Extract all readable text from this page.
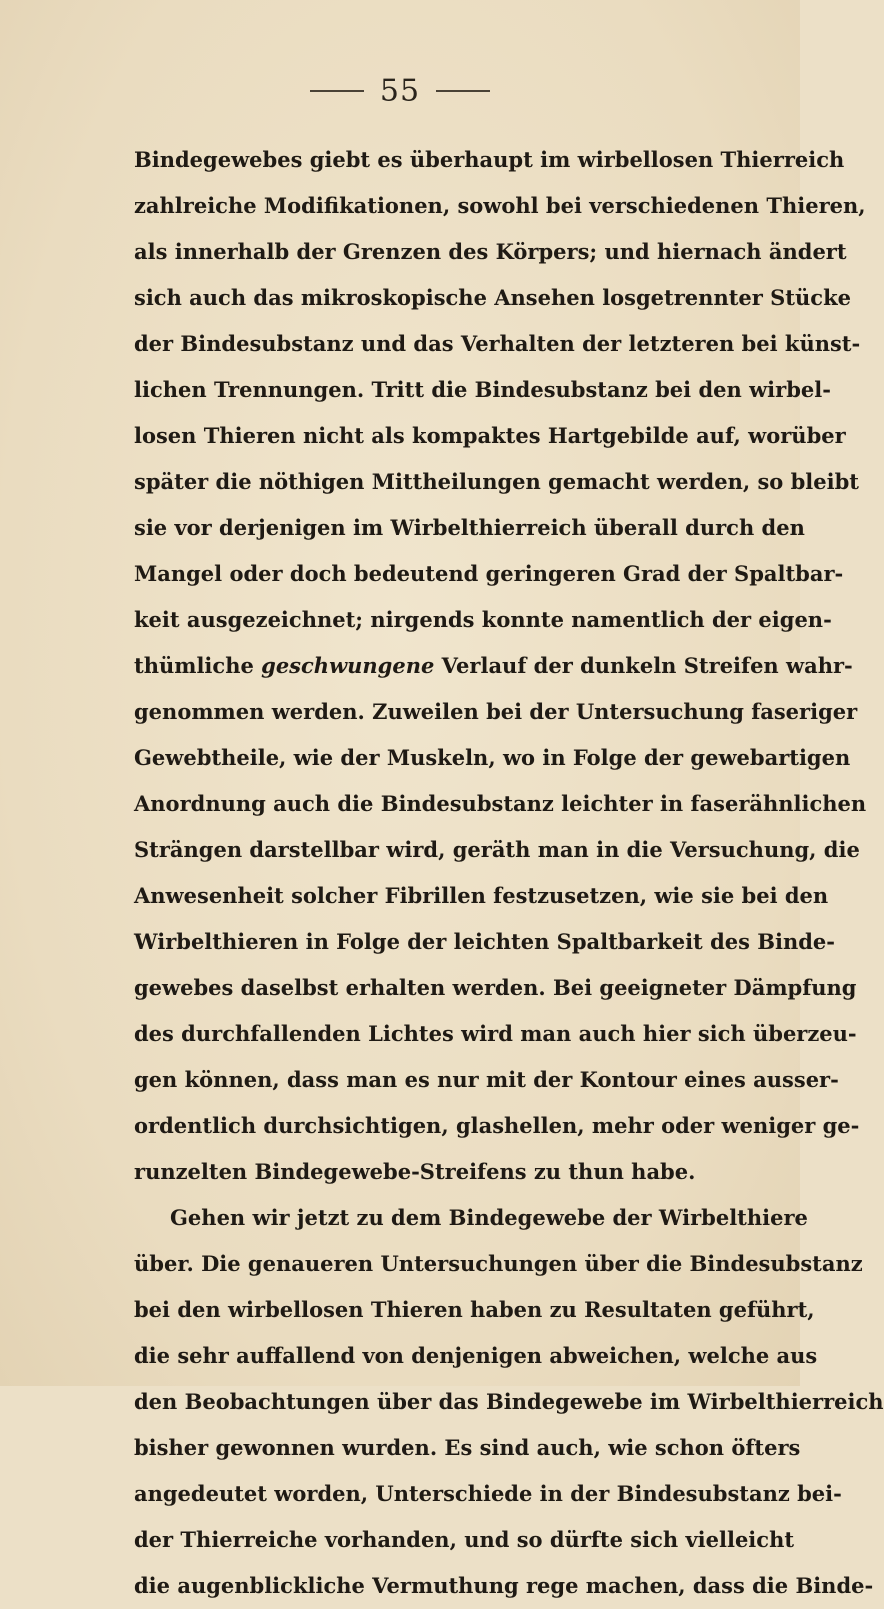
55
Bindegewebes giebt es überhaupt im wirbellosen Thierreich
zahlreiche Modifikationen, sowohl bei verschiedenen Thieren,
als innerhalb der Grenzen des Körpers; und hiernach ändert
sich auch das mikroskopische Ansehen losgetrennter Stücke
der Bindesubstanz und das Verhalten der letzteren bei künst-
lichen Trennungen. Tritt die Bindesubstanz bei den wirbel-
losen Thieren nicht als kompaktes Hartgebilde auf, worüber
später die nöthigen Mittheilungen gemacht werden, so bleibt
sie vor derjenigen im Wirbelthierreich überall durch den
Mangel oder doch bedeutend geringeren Grad der Spaltbar-
keit ausgezeichnet; nirgends konnte namentlich der eigen-
thümliche geschwungene Verlauf der dunkeln Streifen wahr-
genommen werden. Zuweilen bei der Untersuchung faseriger
Gewebtheile, wie der Muskeln, wo in Folge der gewebartigen
Anordnung auch die Bindesubstanz leichter in faserähnlichen
Strängen darstellbar wird, geräth man in die Versuchung, die
Anwesenheit solcher Fibrillen festzusetzen, wie sie bei den
Wirbelthieren in Folge der leichten Spaltbarkeit des Binde-
gewebes daselbst erhalten werden. Bei geeigneter Dämpfung
des durchfallenden Lichtes wird man auch hier sich überzeu-
gen können, dass man es nur mit der Kontour eines ausser-
ordentlich durchsichtigen, glashellen, mehr oder weniger ge-
runzelten Bindegewebe-Streifens zu thun habe.
Gehen wir jetzt zu dem Bindegewebe der Wirbelthiere
über. Die genaueren Untersuchungen über die Bindesubstanz
bei den wirbellosen Thieren haben zu Resultaten geführt,
die sehr auffallend von denjenigen abweichen, welche aus
den Beobachtungen über das Bindegewebe im Wirbelthierreich
bisher gewonnen wurden. Es sind auch, wie schon öfters
angedeutet worden, Unterschiede in der Bindesubstanz bei-
der Thierreiche vorhanden, und so dürfte sich vielleicht
die augenblickliche Vermuthung rege machen, dass die Binde-
